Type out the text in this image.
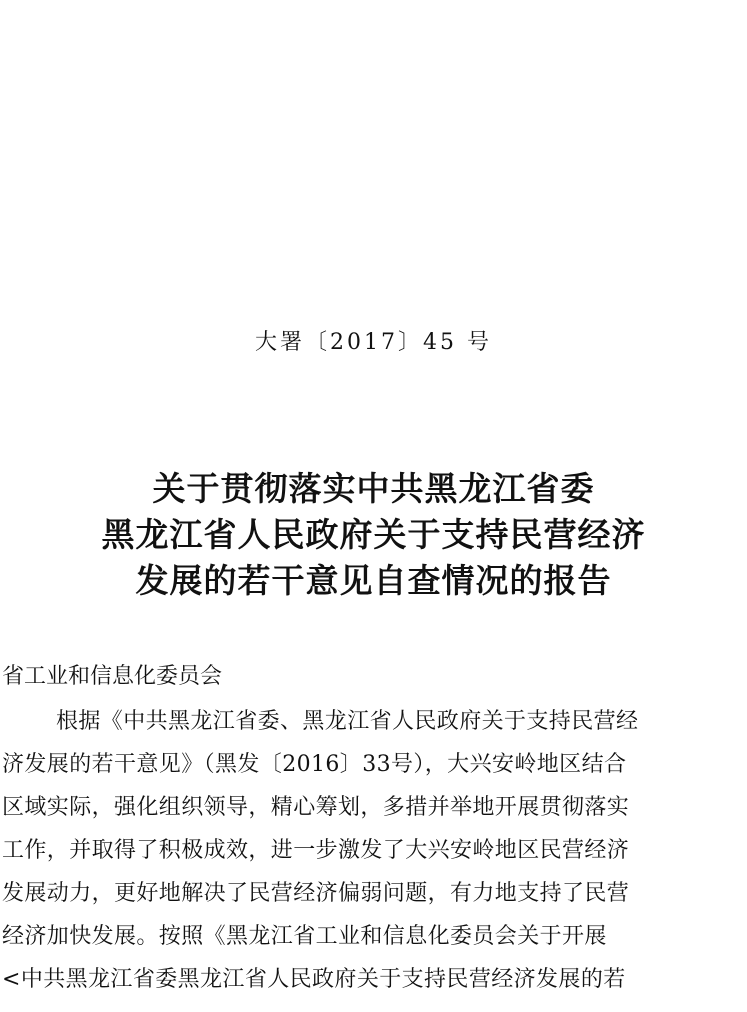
大署〔2017〕45 号
关于贯彻落实中共黑龙江省委
黑龙江省人民政府关于支持民营经济
发展的若干意见自查情况的报告
省工业和信息化委员会
根据《中共黑龙江省委、黑龙江省人民政府关于支持民营经
济发展的若干意见》（黑发〔2016〕33号），大兴安岭地区结合
区域实际，强化组织领导，精心筹划，多措并举地开展贯彻落实
工作，并取得了积极成效，进一步激发了大兴安岭地区民营经济
发展动力，更好地解决了民营经济偏弱问题，有力地支持了民营
经济加快发展。按照《黑龙江省工业和信息化委员会关于开展
<中共黑龙江省委黑龙江省人民政府关于支持民营经济发展的若
